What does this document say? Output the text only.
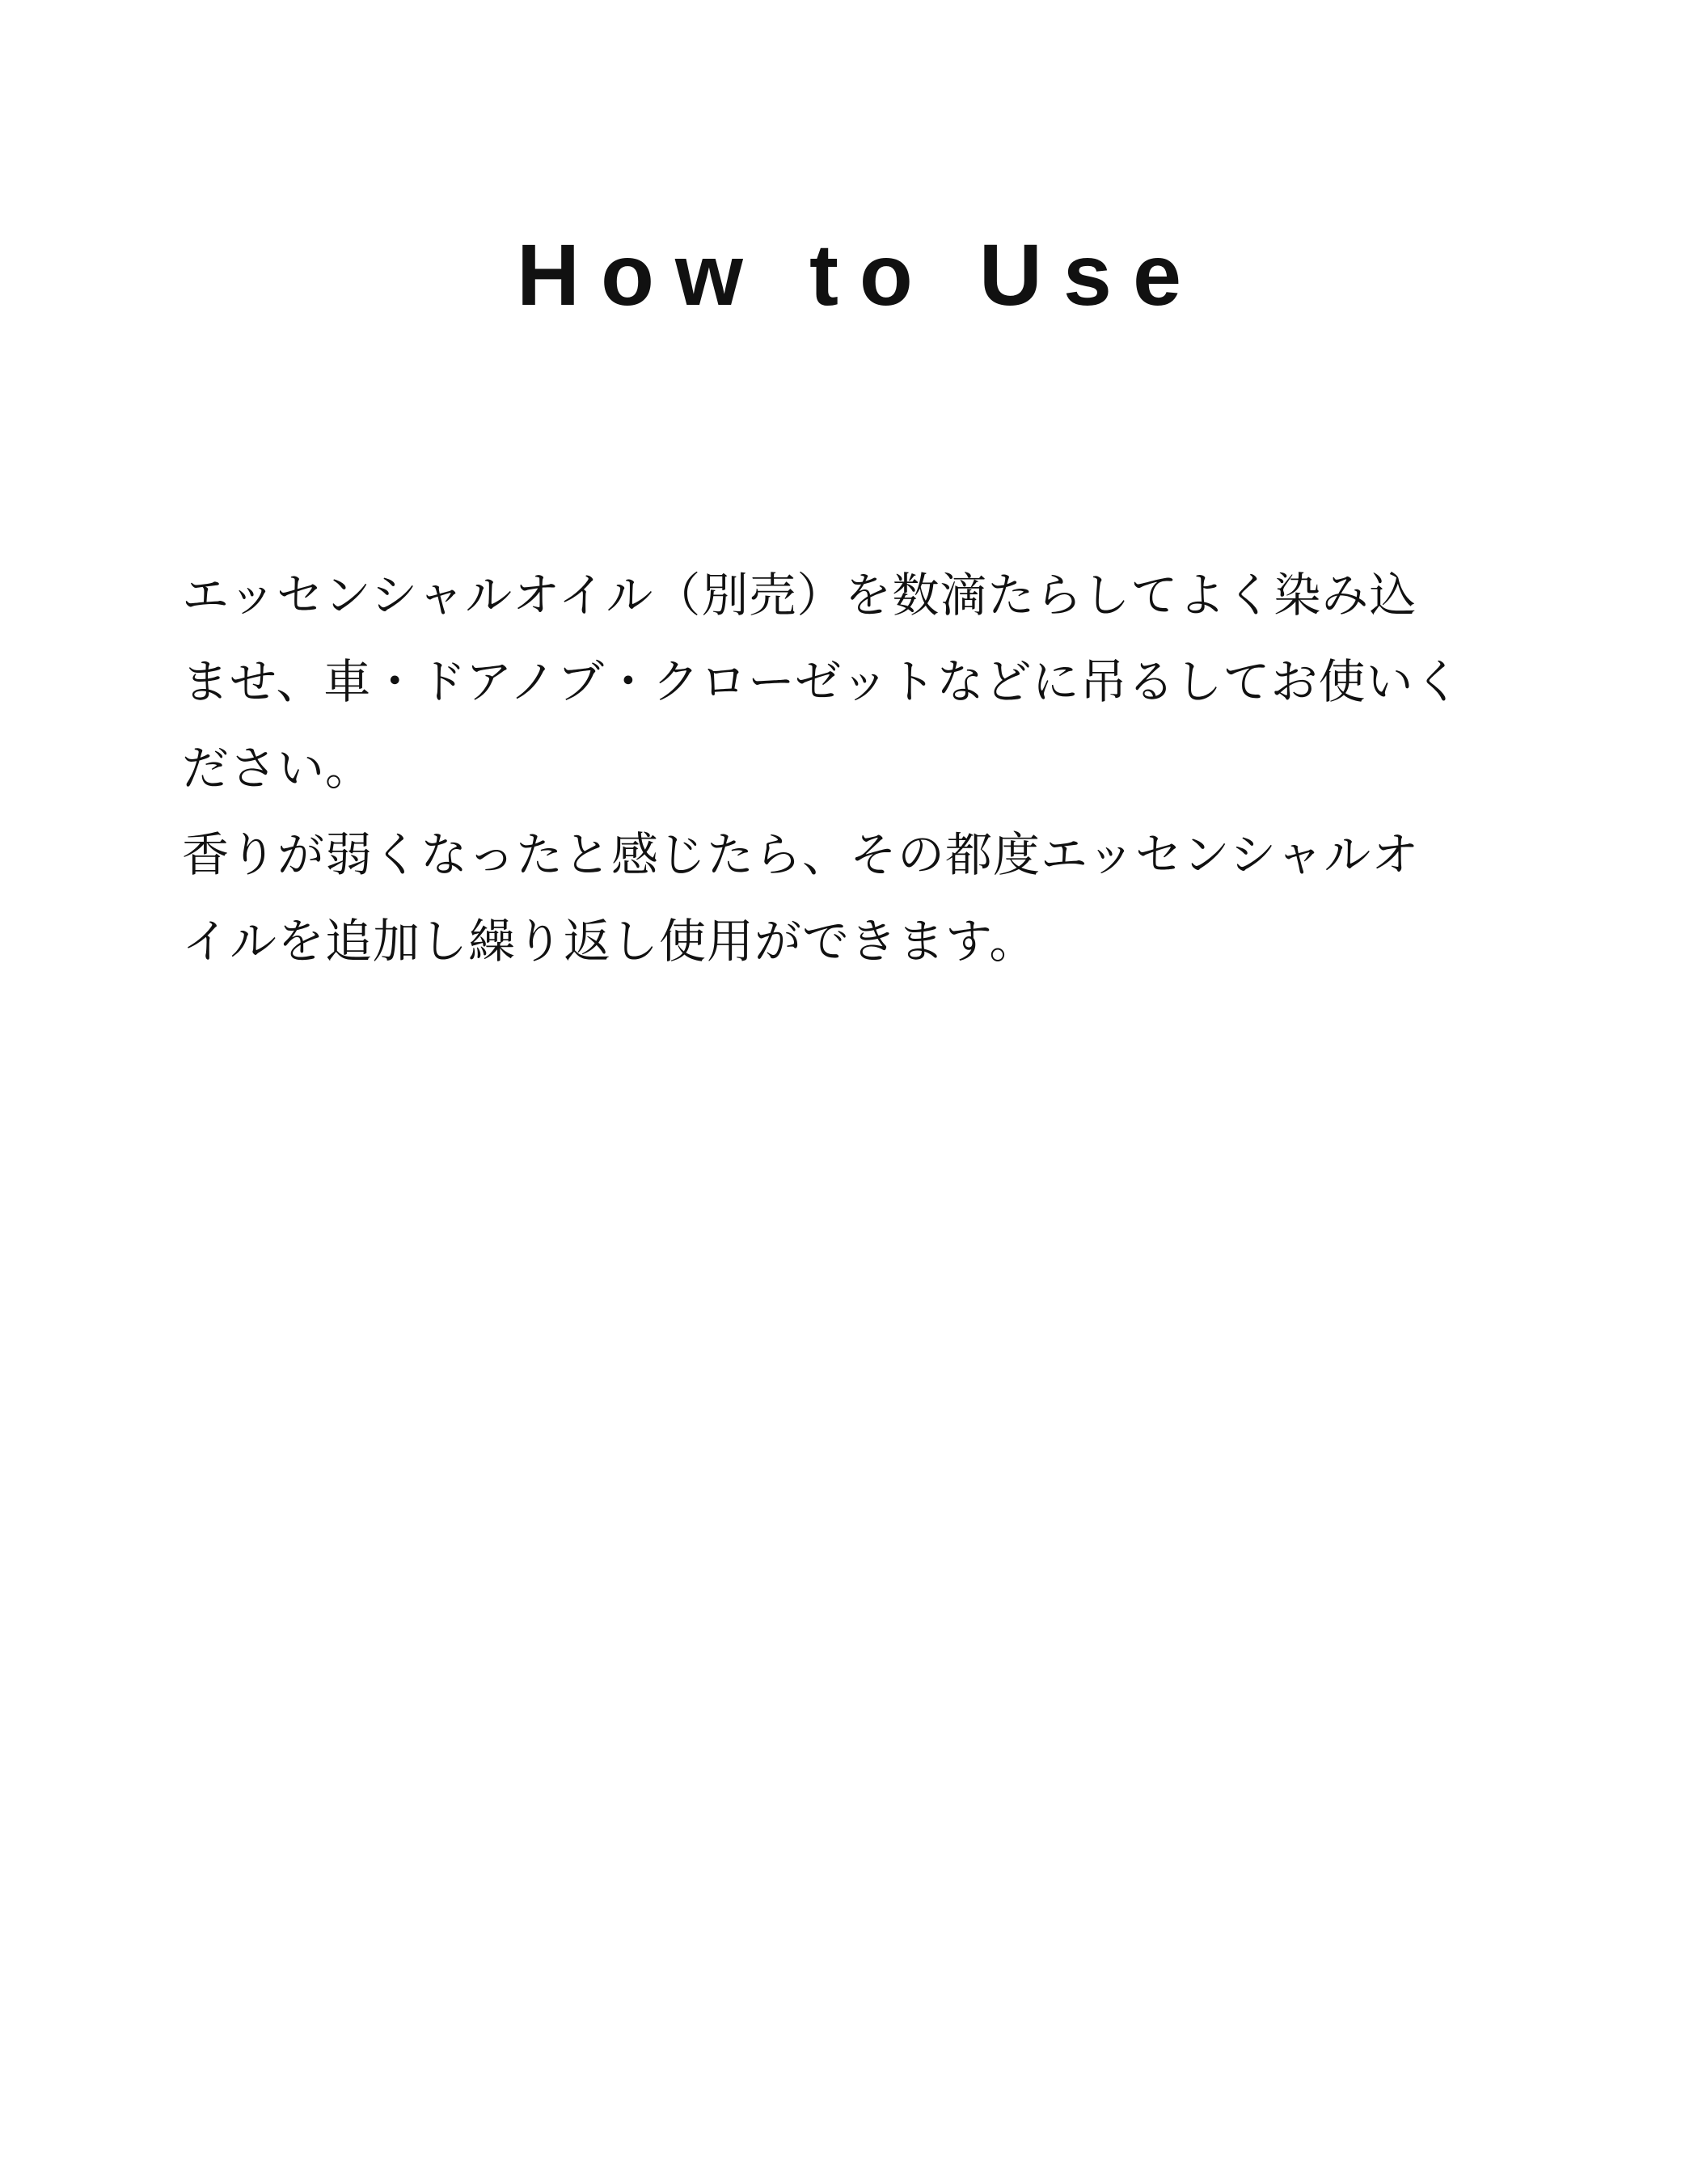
How to Use
エッセンシャルオイル（別売）を数滴たらしてよく染み込
ませ、車・ドアノブ・クローゼットなどに吊るしてお使いく
ださい。
香りが弱くなったと感じたら、その都度エッセンシャルオ
イルを追加し繰り返し使用ができます。
